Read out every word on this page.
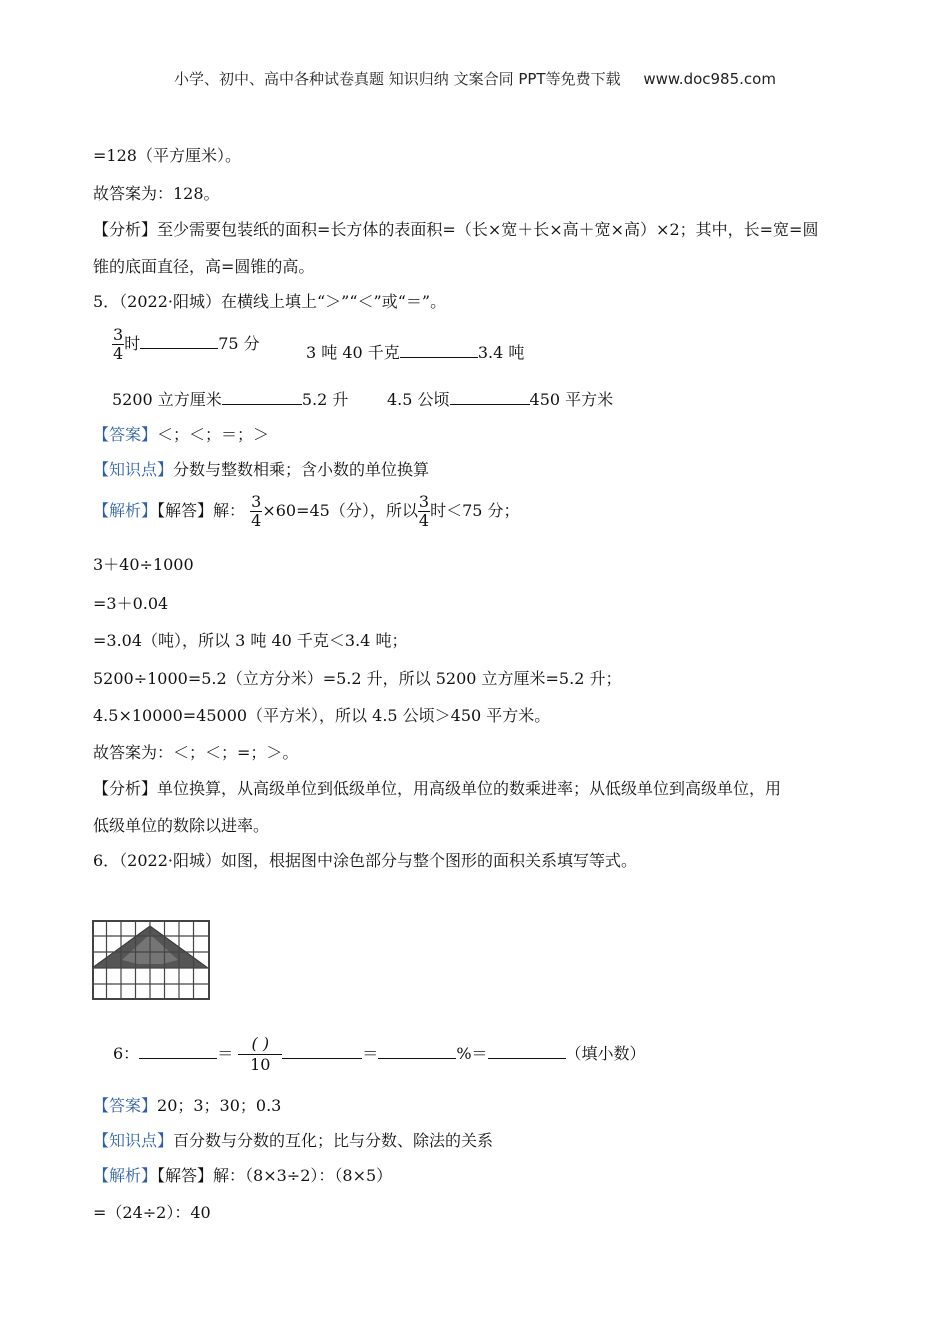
小学、初中、高中各种试卷真题 知识归纳 文案合同 PPT等免费下载 www.doc985.com
=128（平方厘米）。
故答案为：128。
【分析】至少需要包装纸的面积=长方体的表面积=（长×宽＋长×高＋宽×高）×2；其中，长=宽=圆
锥的底面直径，高=圆锥的高。
5．（2022·阳城）在横线上填上“＞”“＜”或“＝”。
$\frac{3}{4}$ 时	75 分	3 吨 40 千克	3.4 吨
5200 立方厘米	5.2 升 4.5 公顷	450 平方米
【答案】＜；＜；＝；＞
【知识点】分数与整数相乘；含小数的单位换算
【解析】【解答】解： $\frac{3}{4} \times 60=45$（分），所以 $\frac{3}{4}$ 时＜75 分；
3＋40÷1000
=3＋0.04
=3.04（吨），所以 3 吨 40 千克＜3.4 吨；
5200÷1000=5.2（立方分米）=5.2 升，所以 5200 立方厘米=5.2 升；
4.5×10000=45000（平方米），所以 4.5 公顷＞450 平方米。
故答案为：＜；＜；=；＞。
【分析】单位换算，从高级单位到低级单位，用高级单位的数乘进率；从低级单位到高级单位，用
低级单位的数除以进率。
6．（2022·阳城）如图，根据图中涂色部分与整个图形的面积关系填写等式。
6：	＝ $\frac{( )}{10}$	＝	%＝	（填小数）
【答案】20；3；30；0.3
【知识点】百分数与分数的互化；比与分数、除法的关系
【解析】【解答】解：（8×3÷2）：（8×5）
=（24÷2）：40
